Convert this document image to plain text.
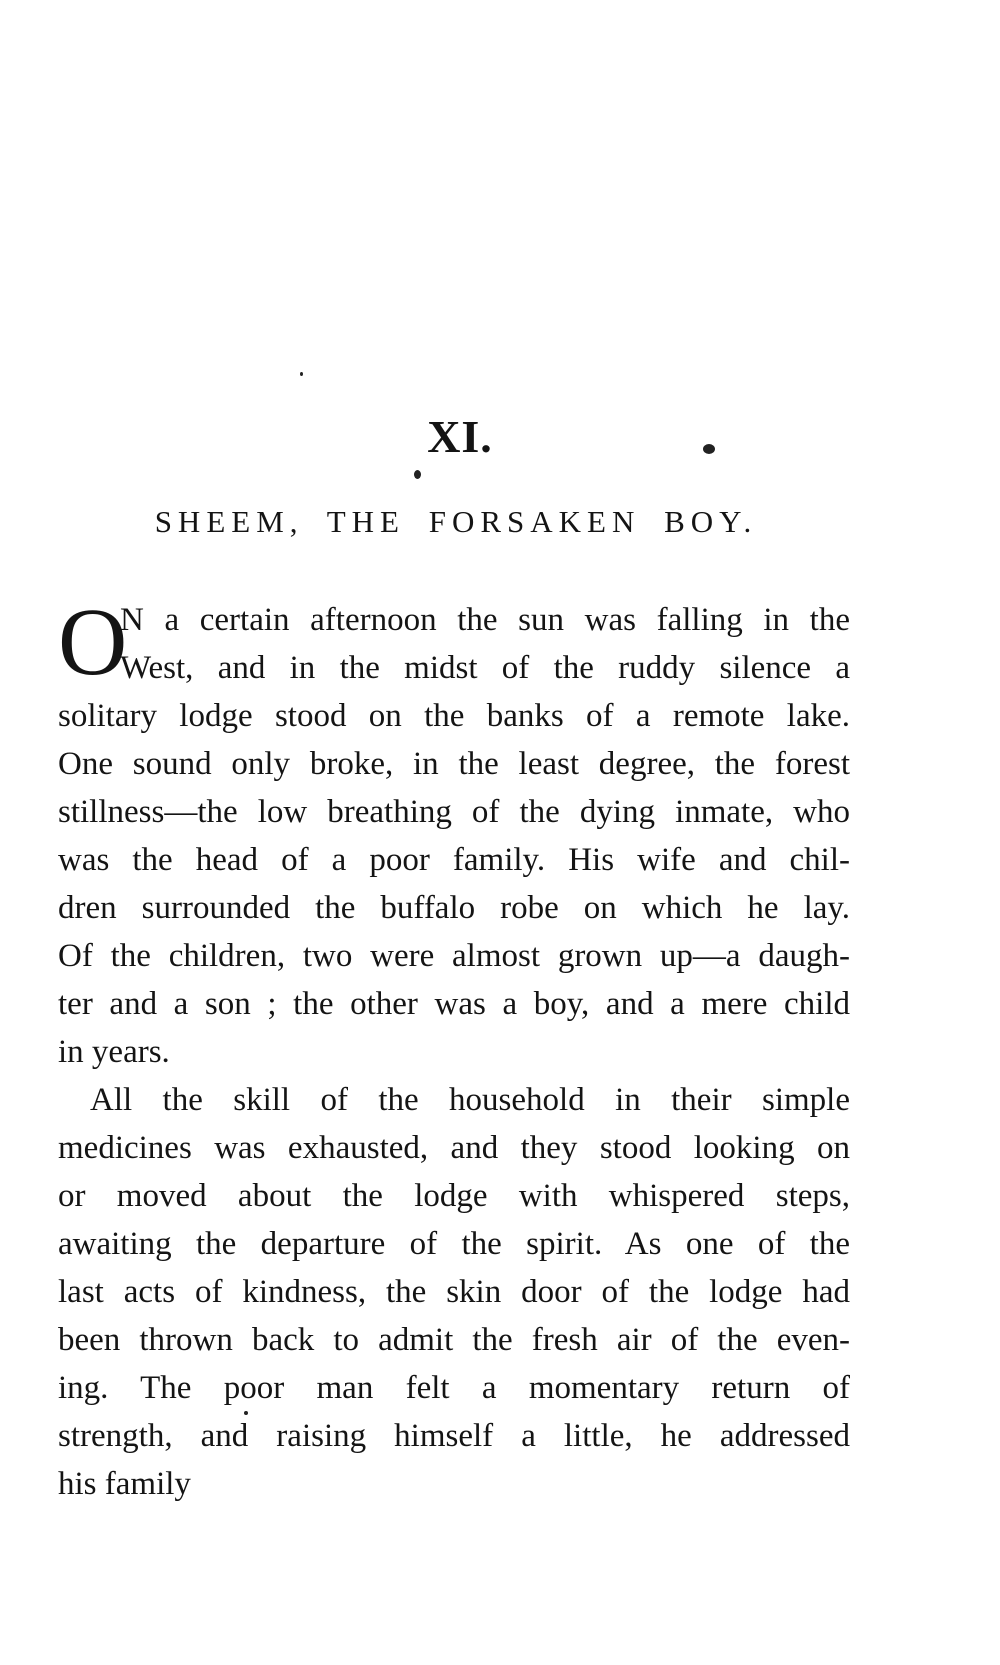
XI.
SHEEM, THE FORSAKEN BOY.
O
N a certain afternoon the sun was falling in the
West, and in the midst of the ruddy silence a
solitary lodge stood on the banks of a remote lake.
One sound only broke, in the least degree, the forest
stillness—the low breathing of the dying inmate, who
was the head of a poor family. His wife and chil-
dren surrounded the buffalo robe on which he lay.
Of the children, two were almost grown up—a daugh-
ter and a son ; the other was a boy, and a mere child
in years.
All the skill of the household in their simple
medicines was exhausted, and they stood looking on
or moved about the lodge with whispered steps,
awaiting the departure of the spirit. As one of the
last acts of kindness, the skin door of the lodge had
been thrown back to admit the fresh air of the even-
ing. The poor man felt a momentary return of
strength, and raising himself a little, he addressed
his family
